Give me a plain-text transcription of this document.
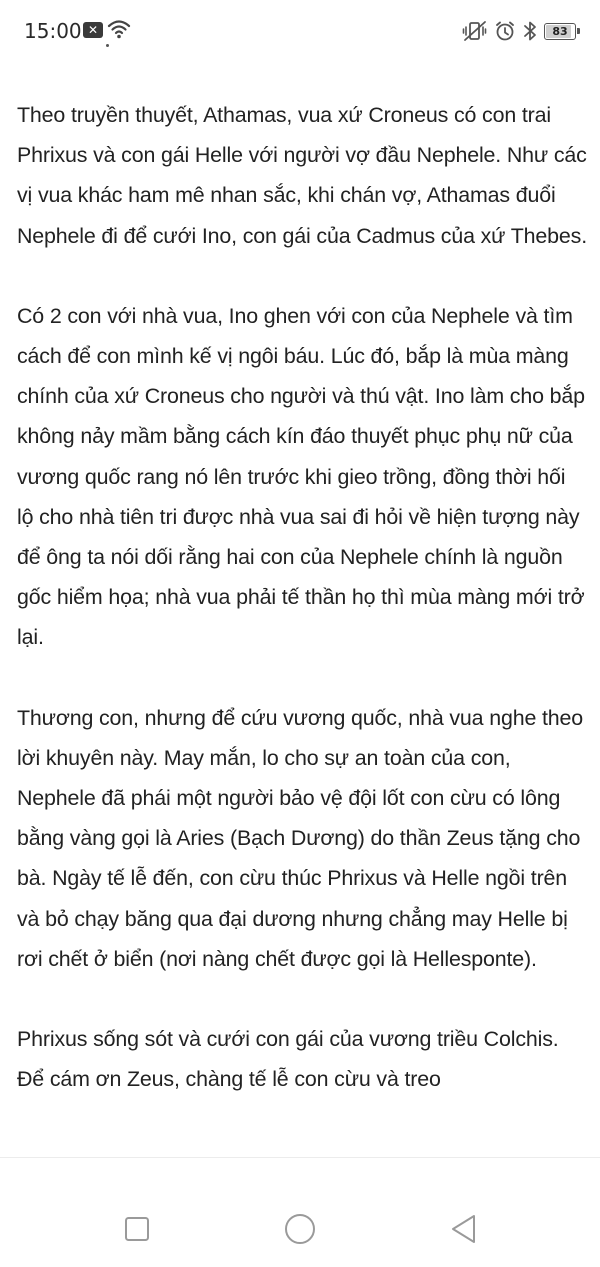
15:00 ✕	83

Theo truyền thuyết, Athamas, vua xứ Croneus có con trai Phrixus và con gái Helle với người vợ đầu Nephele. Như các vị vua khác ham mê nhan sắc, khi chán vợ, Athamas đuổi Nephele đi để cưới Ino, con gái của Cadmus của xứ Thebes.

Có 2 con với nhà vua, Ino ghen với con của Nephele và tìm cách để con mình kế vị ngôi báu. Lúc đó, bắp là mùa màng chính của xứ Croneus cho người và thú vật. Ino làm cho bắp không nảy mầm bằng cách kín đáo thuyết phục phụ nữ của vương quốc rang nó lên trước khi gieo trồng, đồng thời hối lộ cho nhà tiên tri được nhà vua sai đi hỏi về hiện tượng này để ông ta nói dối rằng hai con của Nephele chính là nguồn gốc hiểm họa; nhà vua phải tế thần họ thì mùa màng mới trở lại.

Thương con, nhưng để cứu vương quốc, nhà vua nghe theo lời khuyên này. May mắn, lo cho sự an toàn của con, Nephele đã phái một người bảo vệ đội lốt con cừu có lông bằng vàng gọi là Aries (Bạch Dương) do thần Zeus tặng cho bà. Ngày tế lễ đến, con cừu thúc Phrixus và Helle ngồi trên và bỏ chạy băng qua đại dương nhưng chẳng may Helle bị rơi chết ở biển (nơi nàng chết được gọi là Hellesponte).

Phrixus sống sót và cưới con gái của vương triều Colchis. Để cám ơn Zeus, chàng tế lễ con cừu và treo
